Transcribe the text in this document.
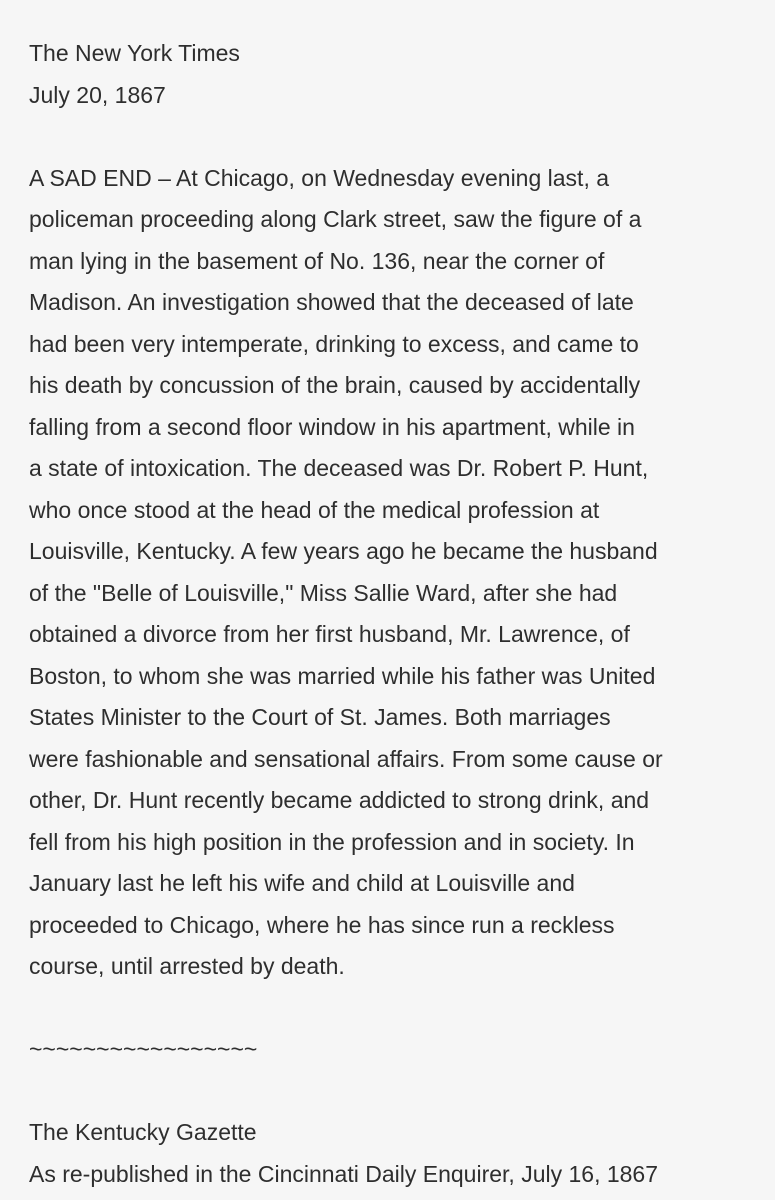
The New York Times

July 20, 1867

A SAD END – At Chicago, on Wednesday evening last, a

policeman proceeding along Clark street, saw the figure of a

man lying in the basement of No. 136, near the corner of

Madison. An investigation showed that the deceased of late

had been very intemperate, drinking to excess, and came to

his death by concussion of the brain, caused by accidentally

falling from a second floor window in his apartment, while in

a state of intoxication. The deceased was Dr. Robert P. Hunt,

who once stood at the head of the medical profession at

Louisville, Kentucky. A few years ago he became the husband

of the "Belle of Louisville," Miss Sallie Ward, after she had

obtained a divorce from her first husband, Mr. Lawrence, of

Boston, to whom she was married while his father was United

States Minister to the Court of St. James. Both marriages

were fashionable and sensational affairs. From some cause or

other, Dr. Hunt recently became addicted to strong drink, and

fell from his high position in the profession and in society. In

January last he left his wife and child at Louisville and

proceeded to Chicago, where he has since run a reckless

course, until arrested by death.

~~~~~~~~~~~~~~~~~

The Kentucky Gazette

As re-published in the Cincinnati Daily Enquirer, July 16, 1867
